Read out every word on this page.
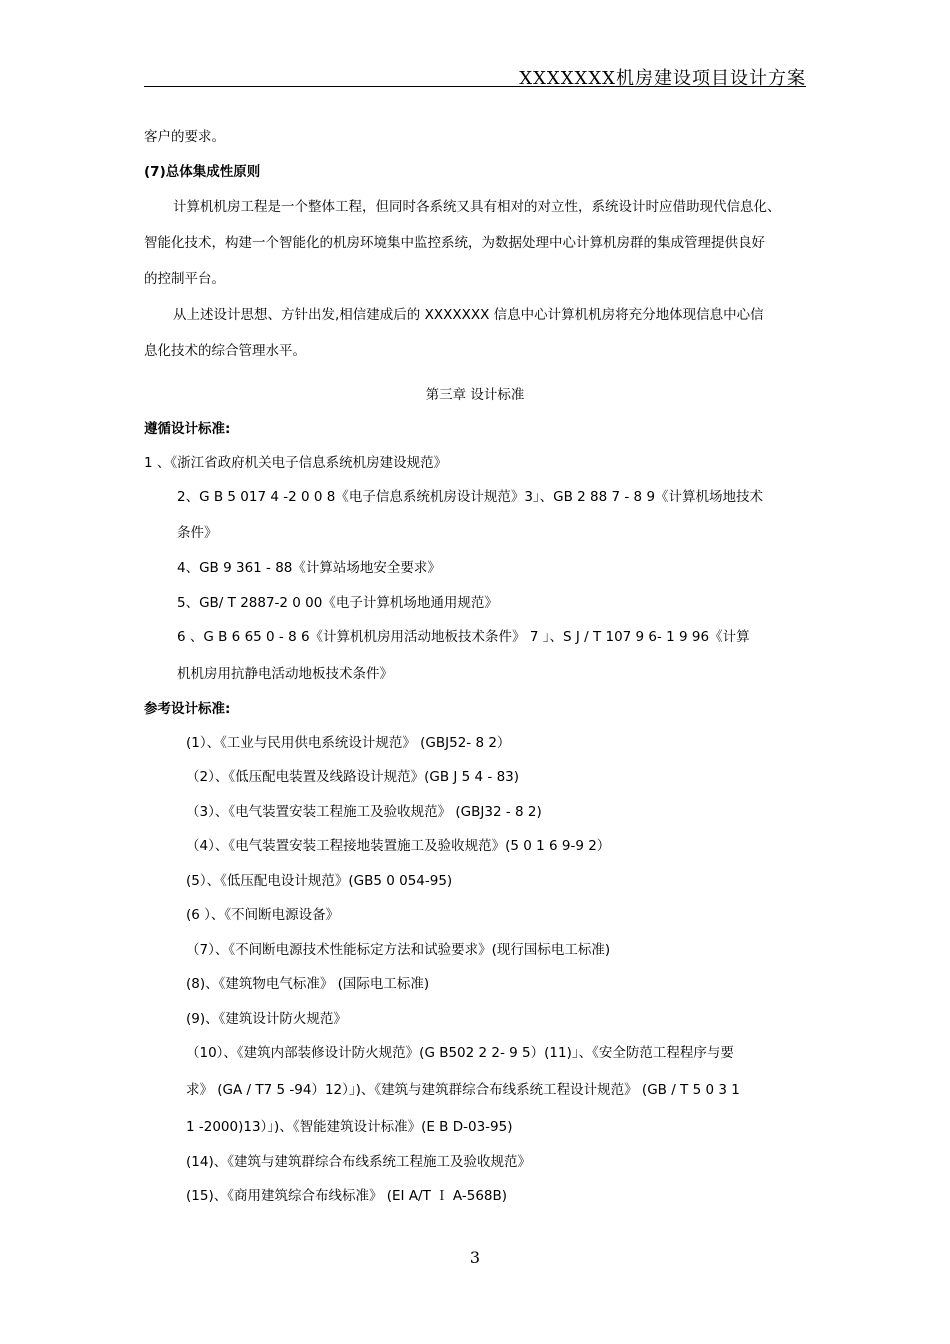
XXXXXXX机房建设项目设计方案
客户的要求。
(7)总体集成性原则
计算机机房工程是一个整体工程，但同时各系统又具有相对的对立性，系统设计时应借助现代信息化、
智能化技术，构建一个智能化的机房环境集中监控系统，为数据处理中心计算机房群的集成管理提供良好
的控制平台。
从上述设计思想、方针出发,相信建成后的 XXXXXXX 信息中心计算机机房将充分地体现信息中心信
息化技术的综合管理水平。
第三章 设计标准
遵循设计标准:
1 、《浙江省政府机关电子信息系统机房建设规范》
2、G B 5 017 4 -2 0 0 8《电子信息系统机房设计规范》3」、GB 2 88 7 - 8 9《计算机场地技术
条件》
4、GB 9 361 - 88《计算站场地安全要求》
5、GB/ T 2887-2 0 00《电子计算机场地通用规范》
6 、G B 6 65 0 - 8 6《计算机机房用活动地板技术条件》 7 」、S J / T 107 9 6- 1 9 96《计算
机机房用抗静电活动地板技术条件》
参考设计标准:
(1）、《工业与民用供电系统设计规范》 (GBJ52- 8 2）
（2）、《低压配电装置及线路设计规范》(GB J 5 4 - 83)
（3）、《电气装置安装工程施工及验收规范》 (GBJ32 - 8 2)
（4）、《电气装置安装工程接地装置施工及验收规范》(5 0 1 6 9-9 2）
(5）、《低压配电设计规范》(GB5 0 054-95)
(6 ）、《不间断电源设备》
（7）、《不间断电源技术性能标定方法和试验要求》(现行国标电工标准)
(8)、《建筑物电气标准》 (国际电工标准)
(9)、《建筑设计防火规范》
（10）、《建筑内部装修设计防火规范》(G B502 2 2- 9 5）(11)」、《安全防范工程程序与要
求》 (GA / T7 5 -94）12）」)、《建筑与建筑群综合布线系统工程设计规范》 (GB / T 5 0 3 1
1 -2000)13）」)、《智能建筑设计标准》(E B D-03-95)
(14)、《建筑与建筑群综合布线系统工程施工及验收规范》
(15)、《商用建筑综合布线标准》 (EI A/T Ｉ A-568B)
3
